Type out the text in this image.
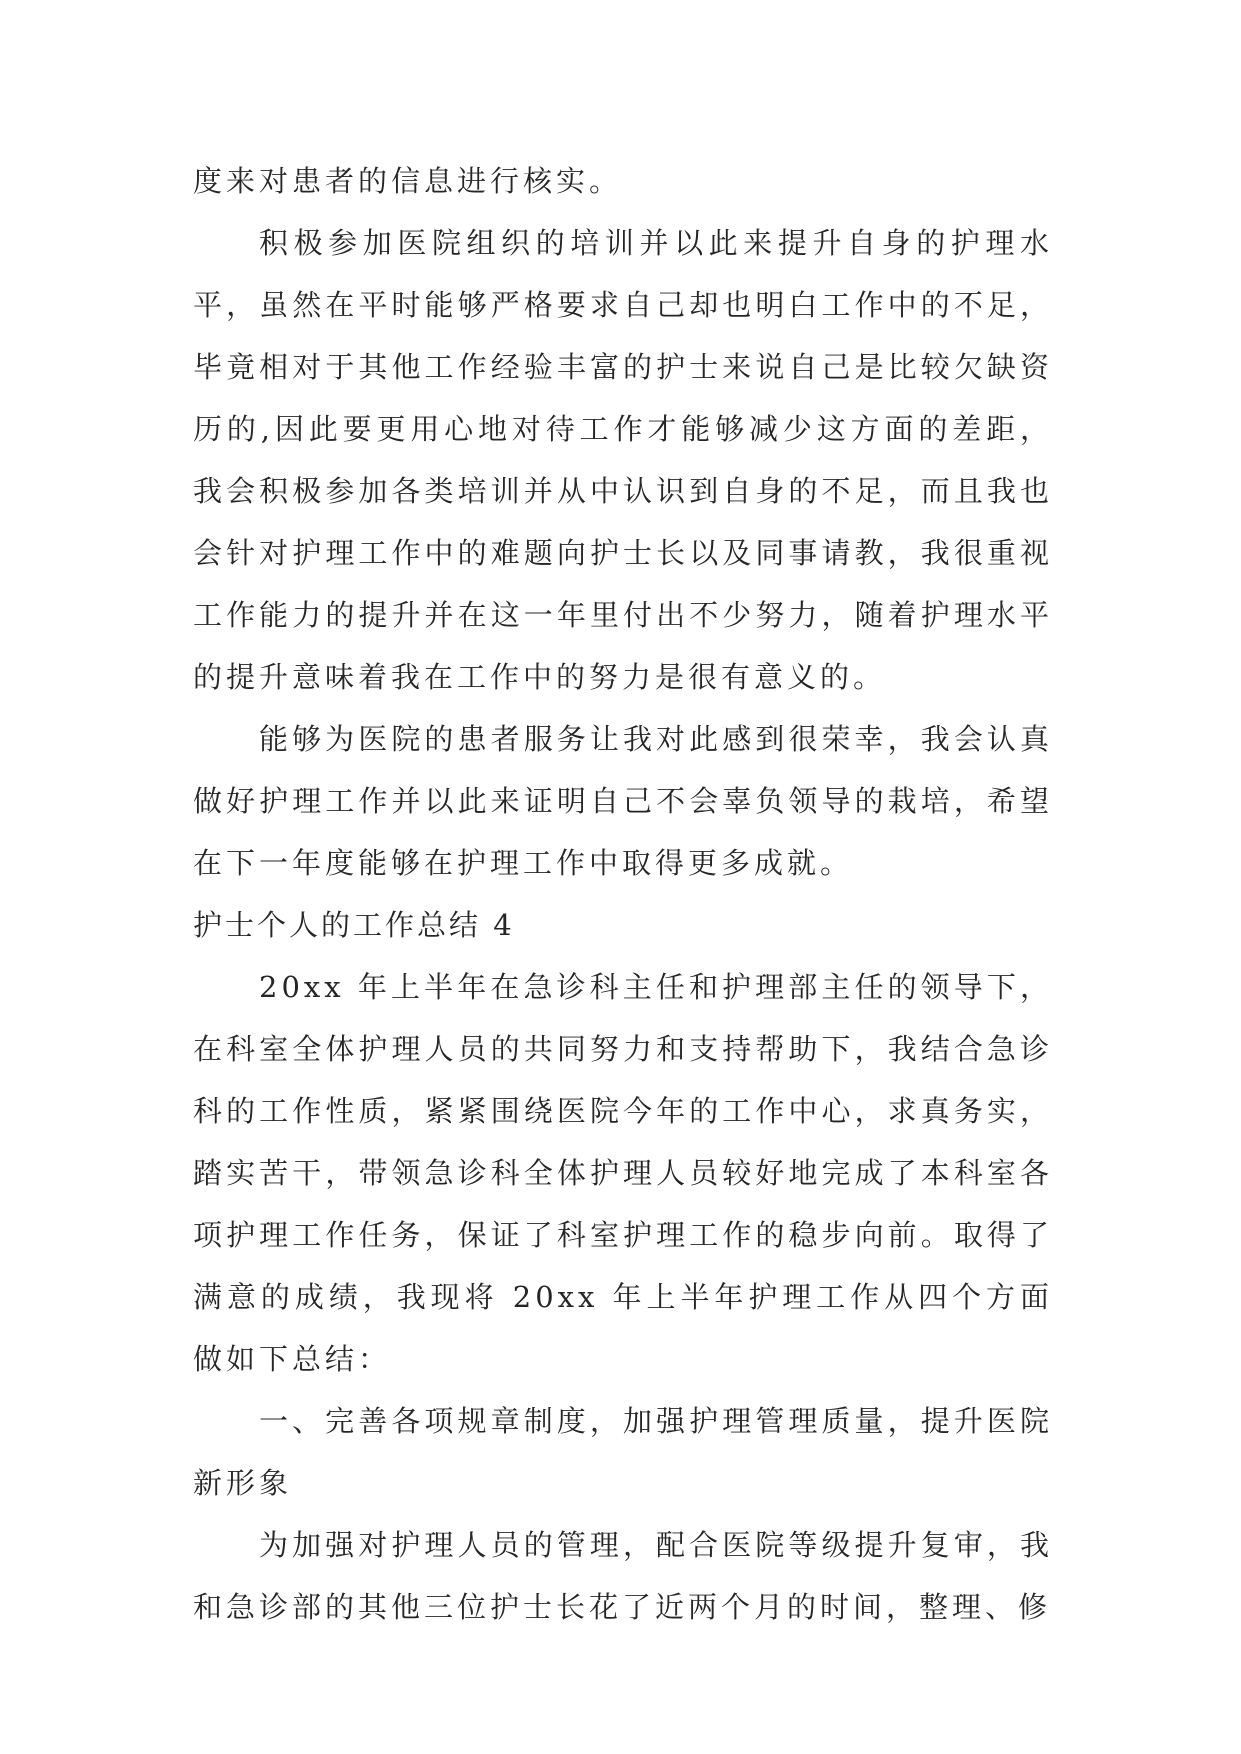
度来对患者的信息进行核实。

积极参加医院组织的培训并以此来提升自身的护理水平，虽然在平时能够严格要求自己却也明白工作中的不足，毕竟相对于其他工作经验丰富的护士来说自己是比较欠缺资历的,因此要更用心地对待工作才能够减少这方面的差距，我会积极参加各类培训并从中认识到自身的不足，而且我也会针对护理工作中的难题向护士长以及同事请教，我很重视工作能力的提升并在这一年里付出不少努力，随着护理水平的提升意味着我在工作中的努力是很有意义的。

能够为医院的患者服务让我对此感到很荣幸，我会认真做好护理工作并以此来证明自己不会辜负领导的栽培，希望在下一年度能够在护理工作中取得更多成就。

护士个人的工作总结 4

20xx 年上半年在急诊科主任和护理部主任的领导下，在科室全体护理人员的共同努力和支持帮助下，我结合急诊科的工作性质，紧紧围绕医院今年的工作中心，求真务实，踏实苦干，带领急诊科全体护理人员较好地完成了本科室各项护理工作任务，保证了科室护理工作的稳步向前。取得了满意的成绩，我现将 20xx 年上半年护理工作从四个方面做如下总结：

一、完善各项规章制度，加强护理管理质量，提升医院新形象

为加强对护理人员的管理，配合医院等级提升复审，我和急诊部的其他三位护士长花了近两个月的时间，整理、修
